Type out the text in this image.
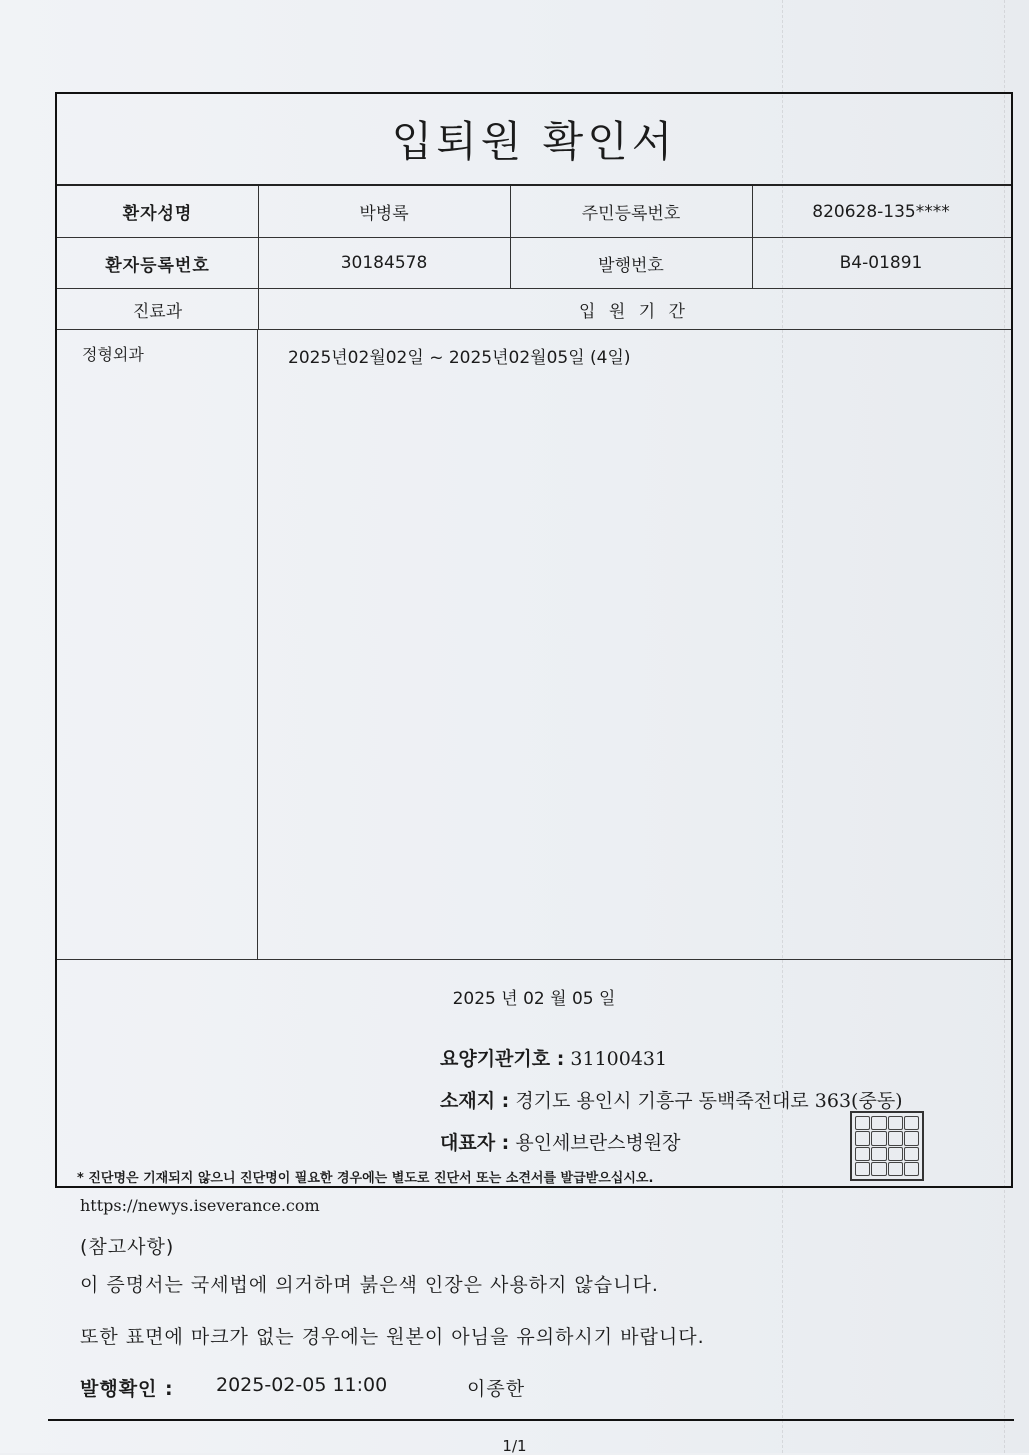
입퇴원 확인서
환자성명	박병록	주민등록번호	820628-135****
환자등록번호	30184578	발행번호	B4-01891
진료과	입 원 기 간
정형외과	2025년02월02일 ~ 2025년02월05일 (4일)
2025 년 02 월 05 일
요양기관기호 : 31100431
소재지 : 경기도 용인시 기흥구 동백죽전대로 363(중동)
대표자 : 용인세브란스병원장
* 진단명은 기재되지 않으니 진단명이 필요한 경우에는 별도로 진단서 또는 소견서를 발급받으십시오.
https://newys.iseverance.com
(참고사항)
이 증명서는 국세법에 의거하며 붉은색 인장은 사용하지 않습니다.
또한 표면에 마크가 없는 경우에는 원본이 아님을 유의하시기 바랍니다.
발행확인 : 2025-02-05 11:00	이종한
1/1
